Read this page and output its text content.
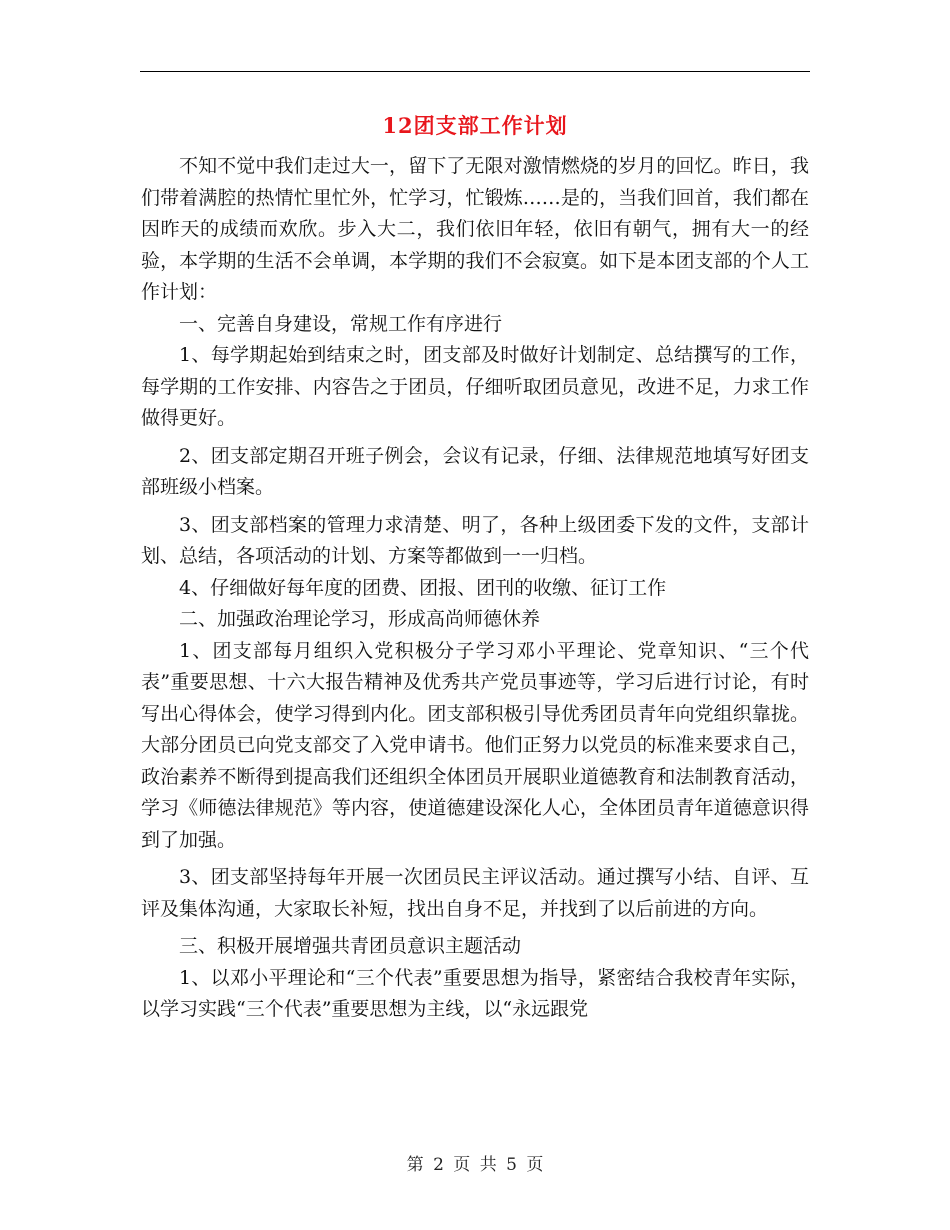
12团支部工作计划

不知不觉中我们走过大一，留下了无限对激情燃烧的岁月的回忆。昨日，我们带着满腔的热情忙里忙外，忙学习，忙锻炼……是的，当我们回首，我们都在因昨天的成绩而欢欣。步入大二，我们依旧年轻，依旧有朝气，拥有大一的经验，本学期的生活不会单调，本学期的我们不会寂寞。如下是本团支部的个人工作计划：

一、完善自身建设，常规工作有序进行

1、每学期起始到结束之时，团支部及时做好计划制定、总结撰写的工作，每学期的工作安排、内容告之于团员，仔细听取团员意见，改进不足，力求工作做得更好。

2、团支部定期召开班子例会，会议有记录，仔细、法律规范地填写好团支部班级小档案。

3、团支部档案的管理力求清楚、明了，各种上级团委下发的文件，支部计划、总结，各项活动的计划、方案等都做到一一归档。

4、仔细做好每年度的团费、团报、团刊的收缴、征订工作

二、加强政治理论学习，形成高尚师德休养

1、团支部每月组织入党积极分子学习邓小平理论、党章知识、“三个代表”重要思想、十六大报告精神及优秀共产党员事迹等，学习后进行讨论，有时写出心得体会，使学习得到内化。团支部积极引导优秀团员青年向党组织靠拢。大部分团员已向党支部交了入党申请书。他们正努力以党员的标准来要求自己，政治素养不断得到提高我们还组织全体团员开展职业道德教育和法制教育活动，学习《师德法律规范》等内容，使道德建设深化人心，全体团员青年道德意识得到了加强。

3、团支部坚持每年开展一次团员民主评议活动。通过撰写小结、自评、互评及集体沟通，大家取长补短，找出自身不足，并找到了以后前进的方向。

三、积极开展增强共青团员意识主题活动

1、以邓小平理论和“三个代表”重要思想为指导，紧密结合我校青年实际，以学习实践“三个代表”重要思想为主线，以“永远跟党

第 2 页 共 5 页
